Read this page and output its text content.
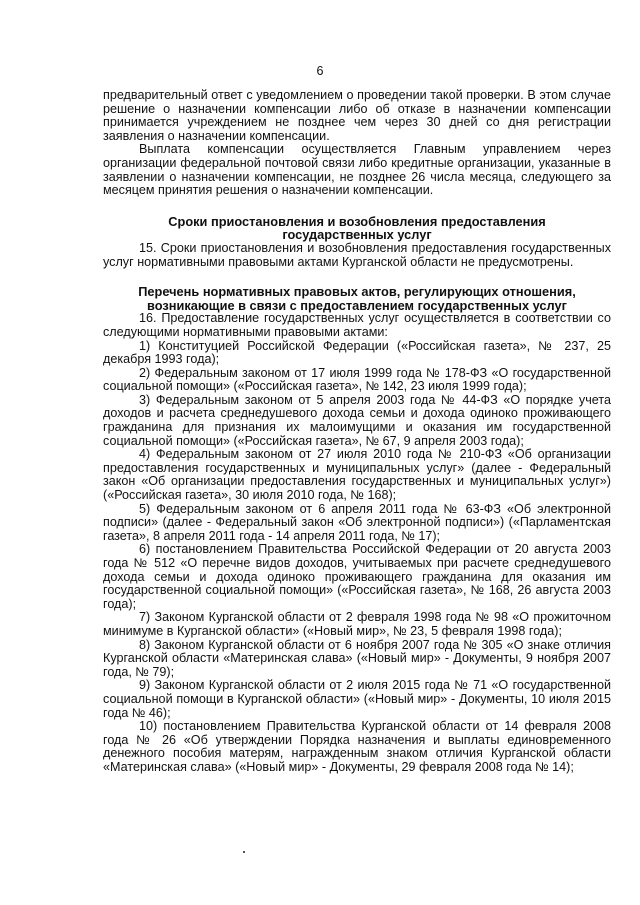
6

предварительный ответ с уведомлением о проведении такой проверки. В этом случае решение о назначении компенсации либо об отказе в назначении компенсации принимается учреждением не позднее чем через 30 дней со дня регистрации заявления о назначении компенсации.

Выплата компенсации осуществляется Главным управлением через организации федеральной почтовой связи либо кредитные организации, указанные в заявлении о назначении компенсации, не позднее 26 числа месяца, следующего за месяцем принятия решения о назначении компенсации.

Сроки приостановления и возобновления предоставления
государственных услуг

15. Сроки приостановления и возобновления предоставления государственных услуг нормативными правовыми актами Курганской области не предусмотрены.

Перечень нормативных правовых актов, регулирующих отношения,
возникающие в связи с предоставлением государственных услуг

16. Предоставление государственных услуг осуществляется в соответствии со следующими нормативными правовыми актами:

1) Конституцией Российской Федерации («Российская газета», № 237, 25 декабря 1993 года);

2) Федеральным законом от 17 июля 1999 года № 178-ФЗ «О государственной социальной помощи» («Российская газета», № 142, 23 июля 1999 года);

3) Федеральным законом от 5 апреля 2003 года № 44-ФЗ «О порядке учета доходов и расчета среднедушевого дохода семьи и дохода одиноко проживающего гражданина для признания их малоимущими и оказания им государственной социальной помощи» («Российская газета», № 67, 9 апреля 2003 года);

4) Федеральным законом от 27 июля 2010 года № 210-ФЗ «Об организации предоставления государственных и муниципальных услуг» (далее - Федеральный закон «Об организации предоставления государственных и муниципальных услуг») («Российская газета», 30 июля 2010 года, № 168);

5) Федеральным законом от 6 апреля 2011 года № 63-ФЗ «Об электронной подписи» (далее - Федеральный закон «Об электронной подписи») («Парламентская газета», 8 апреля 2011 года - 14 апреля 2011 года, № 17);

6) постановлением Правительства Российской Федерации от 20 августа 2003 года № 512 «О перечне видов доходов, учитываемых при расчете среднедушевого дохода семьи и дохода одиноко проживающего гражданина для оказания им государственной социальной помощи» («Российская газета», № 168, 26 августа 2003 года);

7) Законом Курганской области от 2 февраля 1998 года № 98 «О прожиточном минимуме в Курганской области» («Новый мир», № 23, 5 февраля 1998 года);

8) Законом Курганской области от 6 ноября 2007 года № 305 «О знаке отличия Курганской области «Материнская слава» («Новый мир» - Документы, 9 ноября 2007 года, № 79);

9) Законом Курганской области от 2 июля 2015 года № 71 «О государственной социальной помощи в Курганской области» («Новый мир» - Документы, 10 июля 2015 года № 46);

10) постановлением Правительства Курганской области от 14 февраля 2008 года № 26 «Об утверждении Порядка назначения и выплаты единовременного денежного пособия матерям, награжденным знаком отличия Курганской области «Материнская слава» («Новый мир» - Документы, 29 февраля 2008 года № 14);
